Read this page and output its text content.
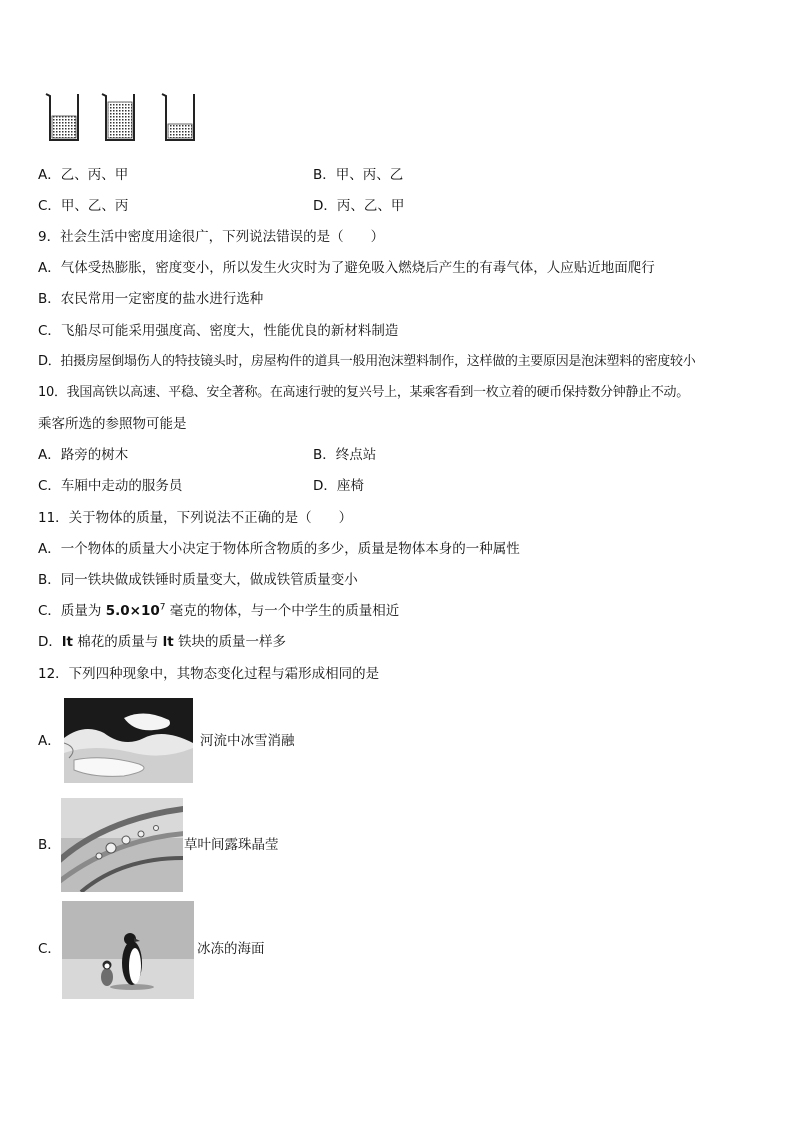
A．乙、丙、甲	B．甲、丙、乙
C．甲、乙、丙	D．丙、乙、甲
9．社会生活中密度用途很广，下列说法错误的是（　　）
A．气体受热膨胀，密度变小，所以发生火灾时为了避免吸入燃烧后产生的有毒气体，人应贴近地面爬行
B．农民常用一定密度的盐水进行选种
C．飞船尽可能采用强度高、密度大，性能优良的新材料制造
D．拍摄房屋倒塌伤人的特技镜头时，房屋构件的道具一般用泡沫塑料制作，这样做的主要原因是泡沫塑料的密度较小
10．我国高铁以高速、平稳、安全著称。在高速行驶的复兴号上，某乘客看到一枚立着的硬币保持数分钟静止不动。
乘客所选的参照物可能是
A．路旁的树木	B．终点站
C．车厢中走动的服务员	D．座椅
11．关于物体的质量，下列说法不正确的是（　　）
A．一个物体的质量大小决定于物体所含物质的多少，质量是物体本身的一种属性
B．同一铁块做成铁锤时质量变大，做成铁管质量变小
C．质量为 $5.0\times 10^7$ 毫克的物体，与一个中学生的质量相近
D．lt 棉花的质量与 lt 铁块的质量一样多
12．下列四种现象中，其物态变化过程与霜形成相同的是
A．	河流中冰雪消融
B．	草叶间露珠晶莹
C．	冰冻的海面
